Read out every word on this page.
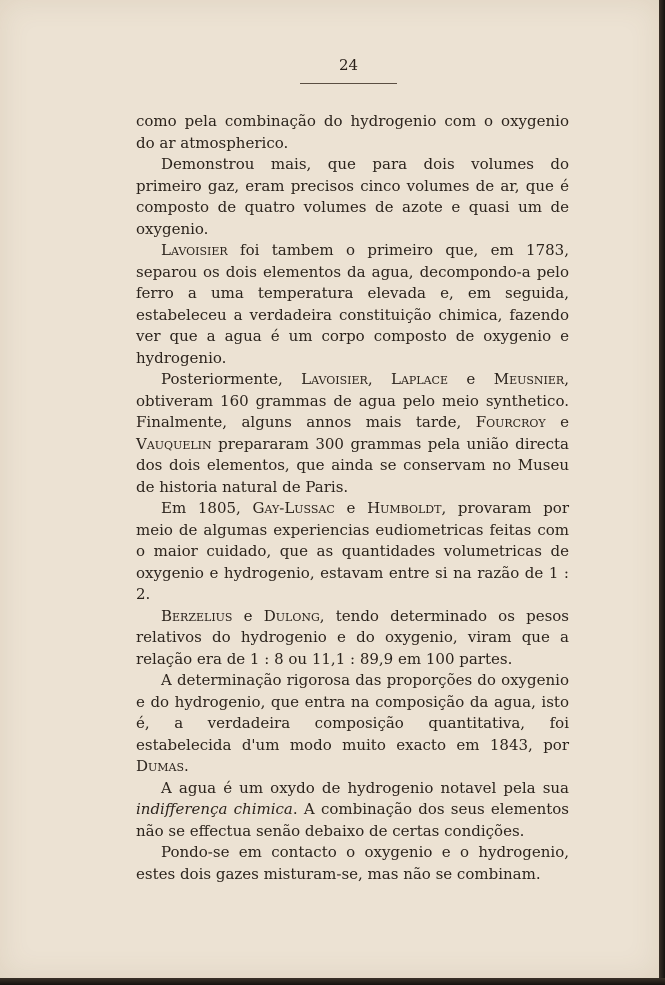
24

como pela combinação do hydrogenio com o oxygenio do ar atmospherico.

Demonstrou mais, que para dois volumes do primeiro gaz, eram precisos cinco volumes de ar, que é composto de quatro volumes de azote e quasi um de oxygenio.

Lavoisier foi tambem o primeiro que, em 1783, separou os dois elementos da agua, decompondo-a pelo ferro a uma temperatura elevada e, em seguida, estabeleceu a verdadeira constituição chimica, fazendo ver que a agua é um corpo composto de oxygenio e hydrogenio.

Posteriormente, Lavoisier, Laplace e Meusnier, obtiveram 160 grammas de agua pelo meio synthetico. Finalmente, alguns annos mais tarde, Fourcroy e Vauquelin prepararam 300 grammas pela união directa dos dois elementos, que ainda se conservam no Museu de historia natural de Paris.

Em 1805, Gay-Lussac e Humboldt, provaram por meio de algumas experiencias eudiometricas feitas com o maior cuidado, que as quantidades volumetricas de oxygenio e hydrogenio, estavam entre si na razão de 1 : 2.

Berzelius e Dulong, tendo determinado os pesos relativos do hydrogenio e do oxygenio, viram que a relação era de 1 : 8 ou 11,1 : 89,9 em 100 partes.

A determinação rigorosa das proporções do oxygenio e do hydrogenio, que entra na composição da agua, isto é, a verdadeira composição quantitativa, foi estabelecida d'um modo muito exacto em 1843, por Dumas.

A agua é um oxydo de hydrogenio notavel pela sua indifferença chimica. A combinação dos seus elementos não se effectua senão debaixo de certas condições.

Pondo-se em contacto o oxygenio e o hydrogenio, estes dois gazes misturam-se, mas não se combinam.
